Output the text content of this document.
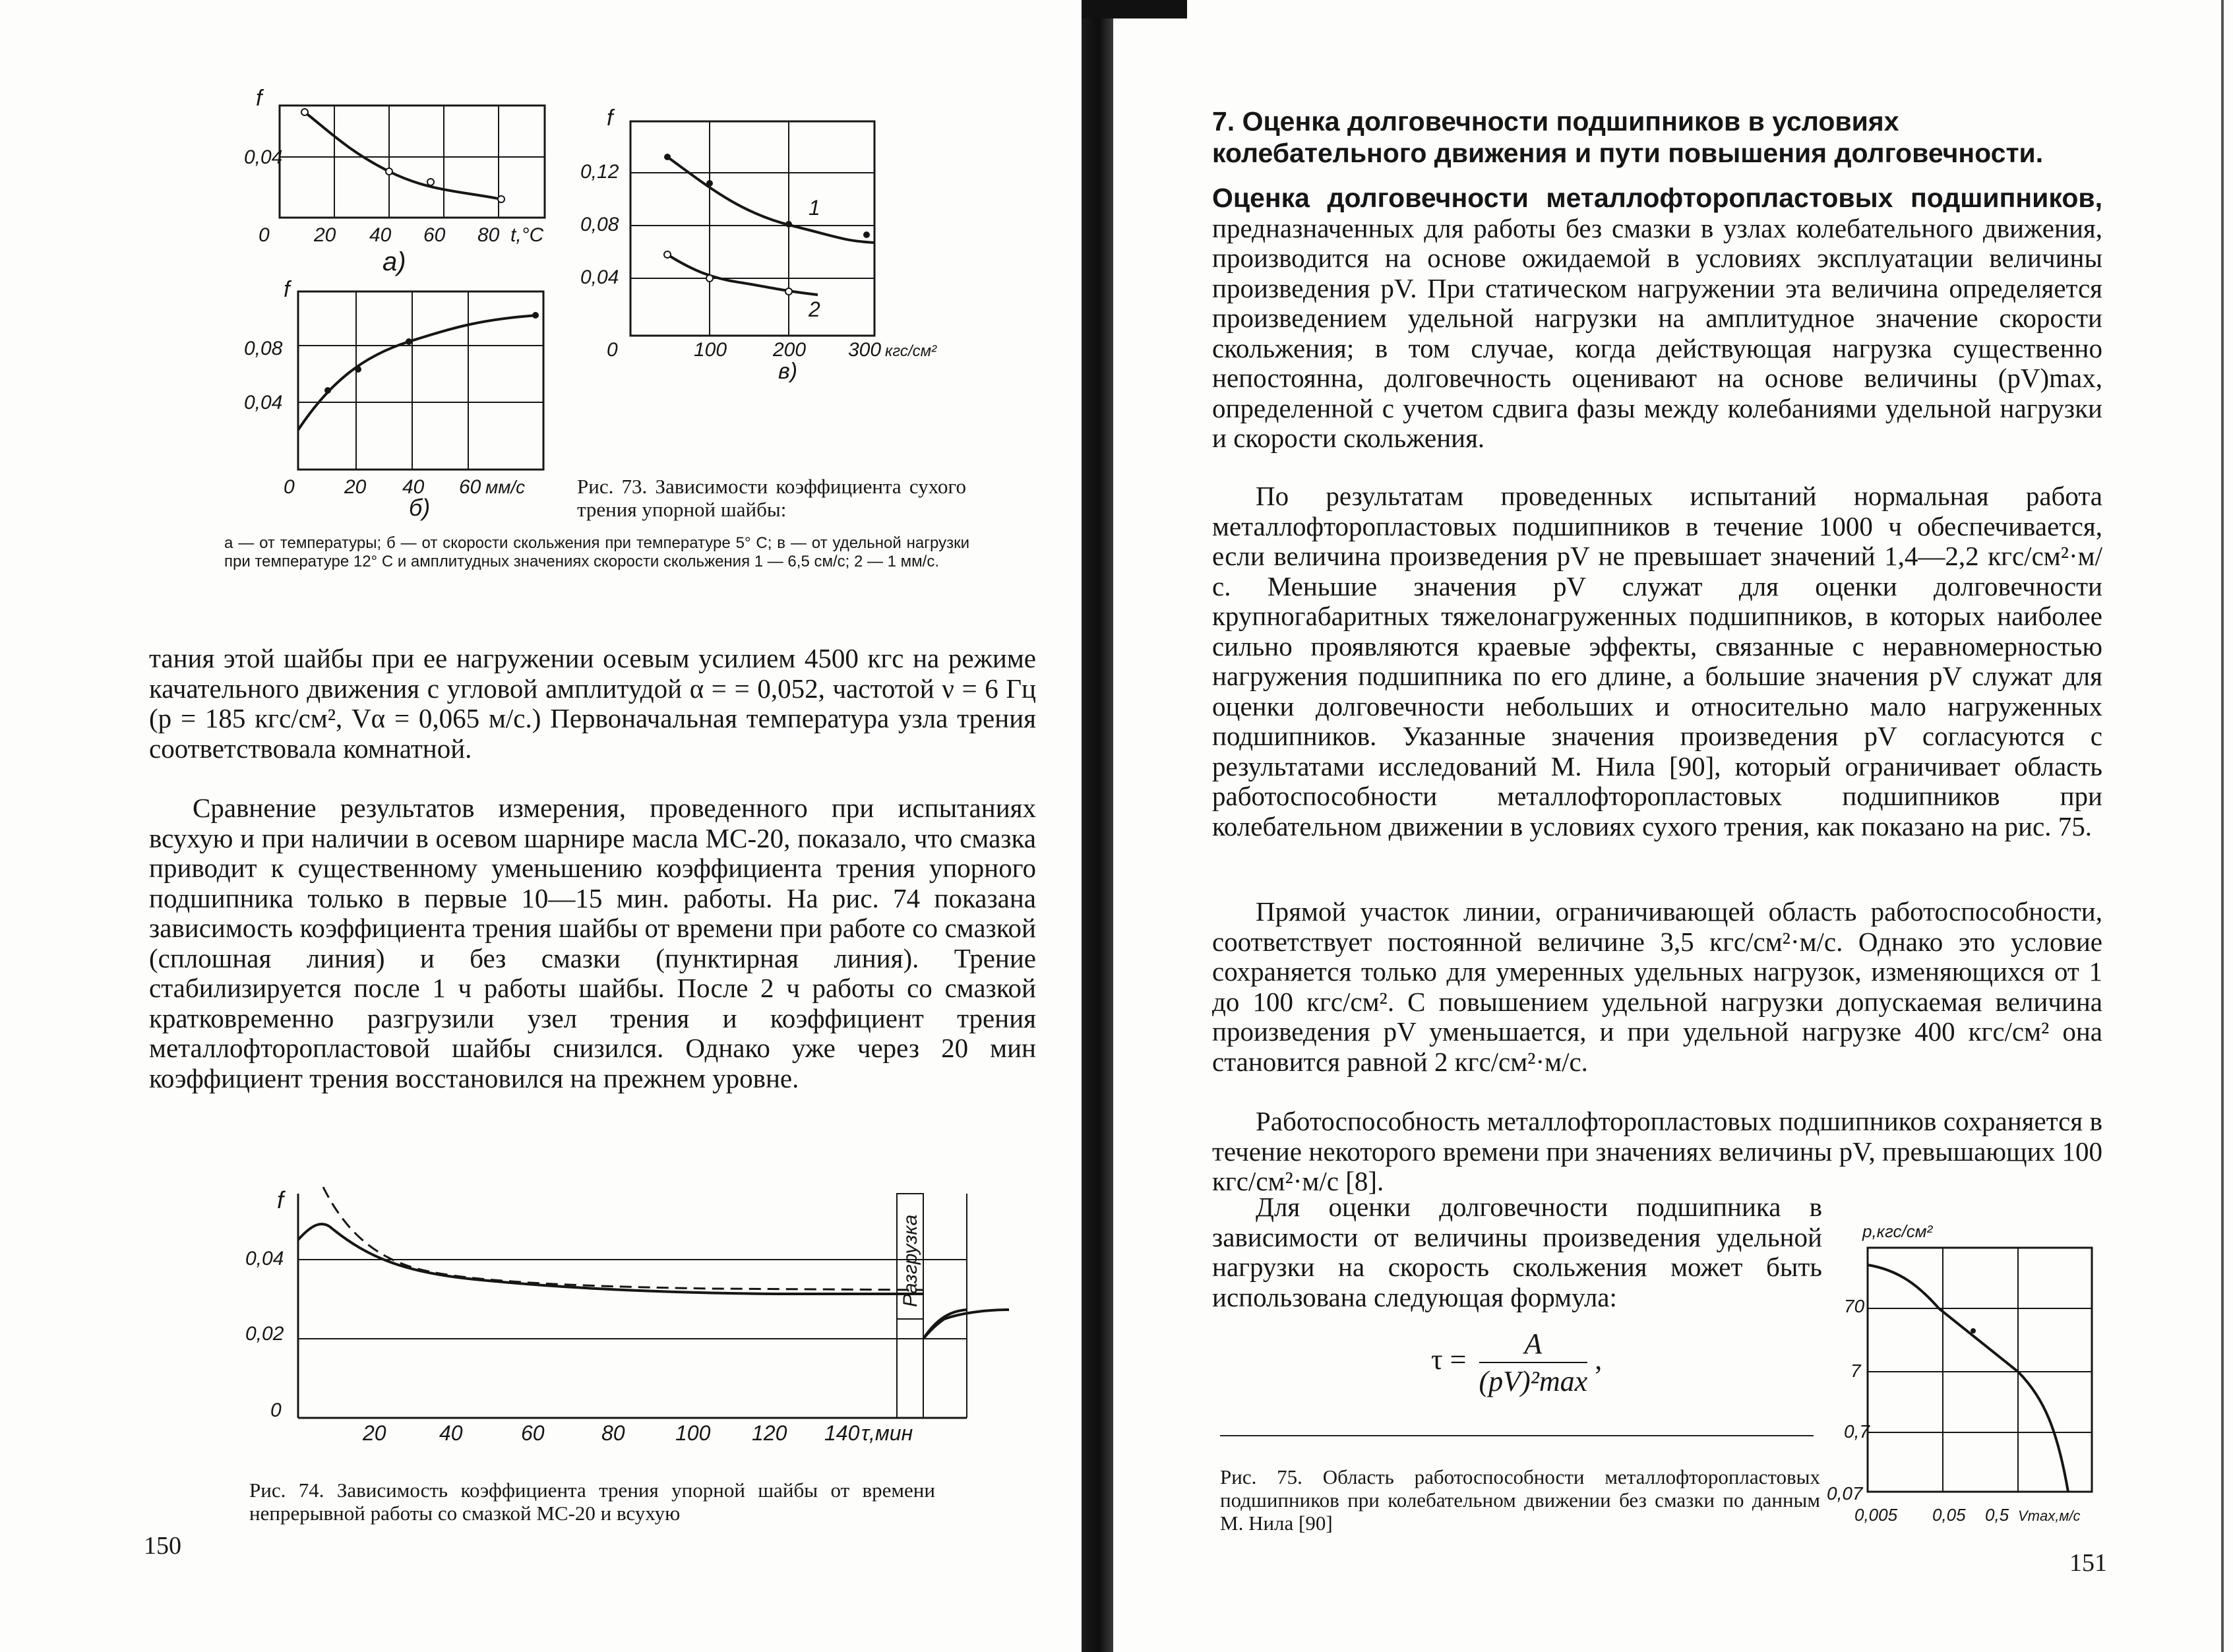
f
0,04
0 20 40 60 80 t,°C
a)
f
0,08
0,04
0	20 40 60 мм/с
б)
f
0,12
0,08
0,04
1
2
0	100 200 300 кгс/см²
в)
Рис. 73. Зависимости коэффициента сухого трения упорной шайбы:
а — от температуры; б — от скорости скольжения при температуре 5° С; в — от удельной нагрузки при температуре 12° С и амплитудных значениях скорости скольжения 1 — 6,5 см/с; 2 — 1 мм/с.

тания этой шайбы при ее нагружении осевым усилием 4500 кгс на режиме качательного движения с угловой амплитудой α = = 0,052, частотой ν = 6 Гц (p = 185 кгс/см², Vα = 0,065 м/с.) Первоначальная температура узла трения соответствовала комнатной.

Сравнение результатов измерения, проведенного при испытаниях всухую и при наличии в осевом шарнире масла МС-20, показало, что смазка приводит к существенному уменьшению коэффициента трения упорного подшипника только в первые 10—15 мин. работы. На рис. 74 показана зависимость коэффициента трения шайбы от времени при работе со смазкой (сплошная линия) и без смазки (пунктирная линия). Трение стабилизируется после 1 ч работы шайбы. После 2 ч работы со смазкой кратковременно разгрузили узел трения и коэффициент трения металлофторопластовой шайбы снизился. Однако уже через 20 мин коэффициент трения восстановился на прежнем уровне.

f
0,04
0,02
0
Разгрузка
20	40	60	80 100 120 140 τ,мин
Рис. 74. Зависимость коэффициента трения упорной шайбы от времени непрерывной работы со смазкой МС-20 и всухую
150
7. Оценка долговечности подшипников в условиях колебательного движения и пути повышения долговечности.

Оценка долговечности металлофторопластовых подшипников, предназначенных для работы без смазки в узлах колебательного движения, производится на основе ожидаемой в условиях эксплуатации величины произведения pV. При статическом нагружении эта величина определяется произведением удельной нагрузки на амплитудное значение скорости скольжения; в том случае, когда действующая нагрузка существенно непостоянна, долговечность оценивают на основе величины (pV)max, определенной с учетом сдвига фазы между колебаниями удельной нагрузки и скорости скольжения.

По результатам проведенных испытаний нормальная работа металлофторопластовых подшипников в течение 1000 ч обеспечивается, если величина произведения pV не превышает значений 1,4—2,2 кгс/см²·м/с. Меньшие значения pV служат для оценки долговечности крупногабаритных тяжелонагруженных подшипников, в которых наиболее сильно проявляются краевые эффекты, связанные с неравномерностью нагружения подшипника по его длине, а большие значения pV служат для оценки долговечности небольших и относительно мало нагруженных подшипников. Указанные значения произведения pV согласуются с результатами исследований М. Нила [90], который ограничивает область работоспособности металлофторопластовых подшипников при колебательном движении в условиях сухого трения, как показано на рис. 75.

Прямой участок линии, ограничивающей область работоспособности, соответствует постоянной величине 3,5 кгс/см²·м/с. Однако это условие сохраняется только для умеренных удельных нагрузок, изменяющихся от 1 до 100 кгс/см². С повышением удельной нагрузки допускаемая величина произведения pV уменьшается, и при удельной нагрузке 400 кгс/см² она становится равной 2 кгс/см²·м/с.

Работоспособность металлофторопластовых подшипников сохраняется в течение некоторого времени при значениях величины pV, превышающих 100 кгс/см²·м/с [8].

Для оценки долговечности подшипника в зависимости от величины произведения удельной нагрузки на скорость скольжения может быть использована следующая формула:

$\tau = \frac{A}{\text{(pV)²max}}$ ,
p,кгс/см²
70
7
0,7
0,07
0,005 0,05 0,5 Vmax,м/с
Рис. 75. Область работоспособности металлофторопластовых подшипников при колебательном движении без смазки по данным М. Нила [90]
151
